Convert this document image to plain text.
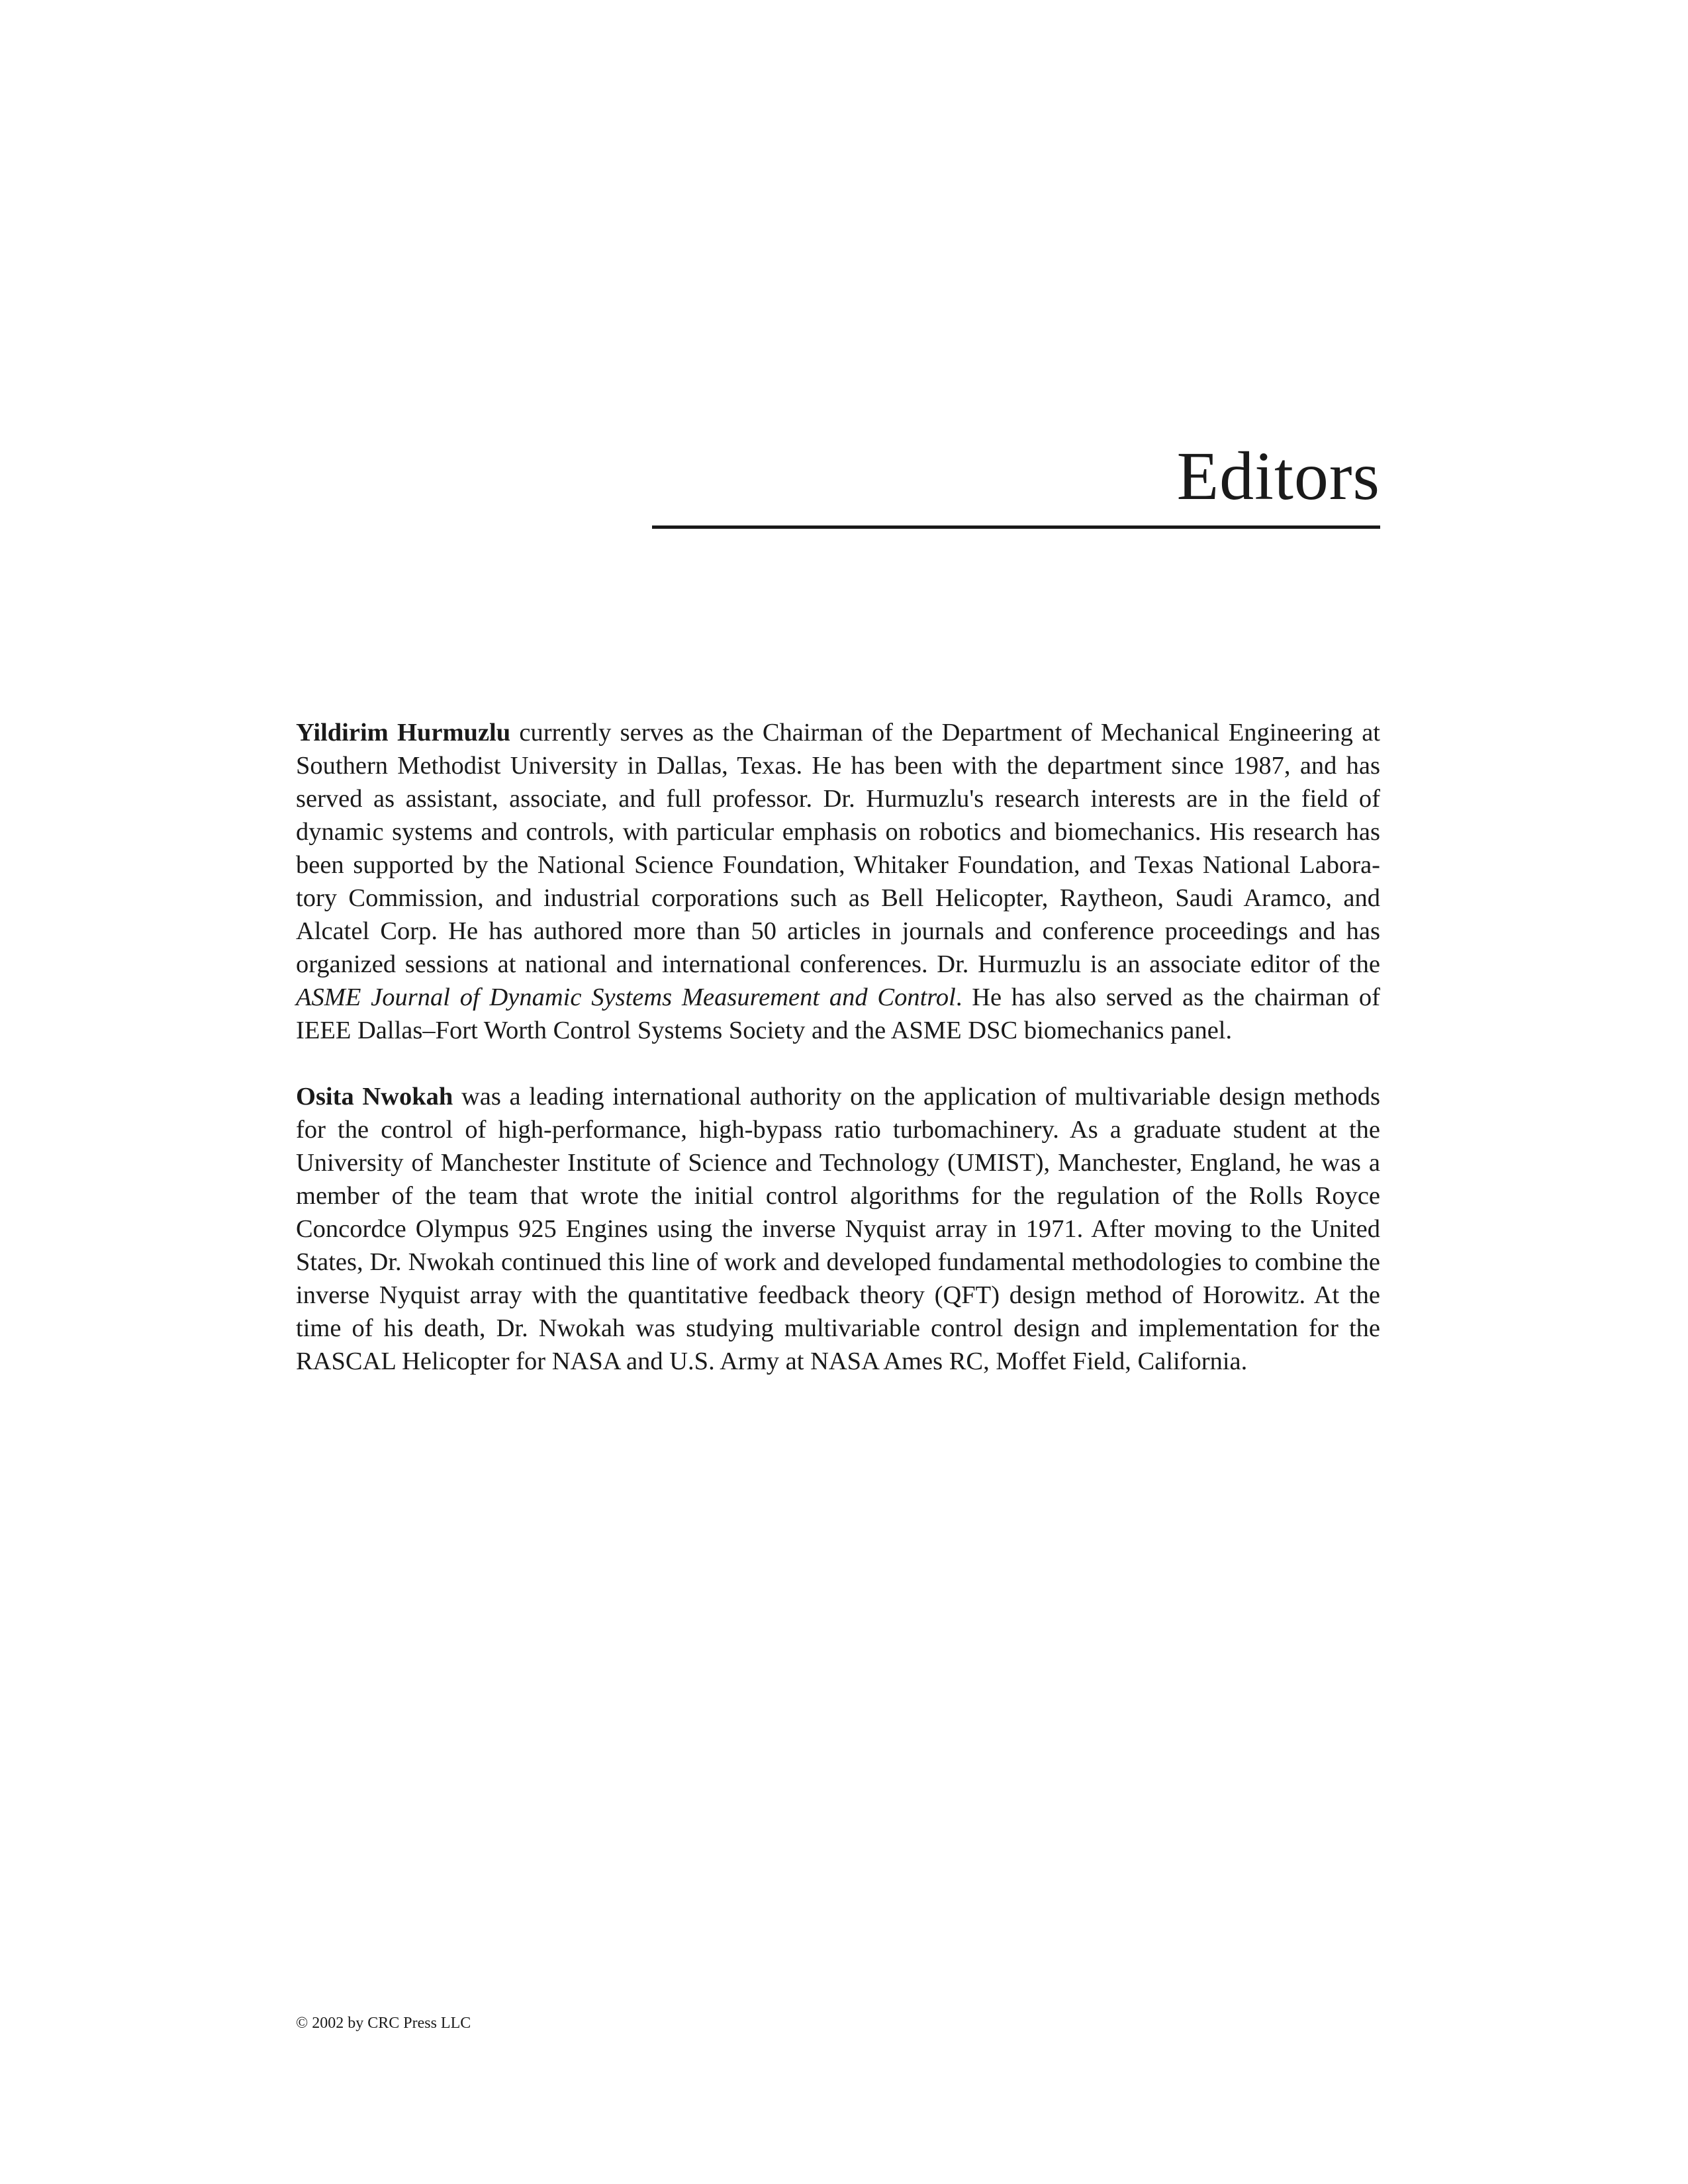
Editors

Yildirim Hurmuzlu currently serves as the Chairman of the Department of Mechanical Engineering at Southern Methodist University in Dallas, Texas. He has been with the department since 1987, and has served as assistant, associate, and full professor. Dr. Hurmuzlu's research interests are in the field of dynamic systems and controls, with particular emphasis on robotics and biomechanics. His research has been supported by the National Science Foundation, Whitaker Foundation, and Texas National Laboratory Commission, and industrial corporations such as Bell Helicopter, Raytheon, Saudi Aramco, and Alcatel Corp. He has authored more than 50 articles in journals and conference proceedings and has organized sessions at national and international conferences. Dr. Hurmuzlu is an associate editor of the ASME Journal of Dynamic Systems Measurement and Control. He has also served as the chairman of IEEE Dallas–Fort Worth Control Systems Society and the ASME DSC biomechanics panel.

Osita Nwokah was a leading international authority on the application of multivariable design methods for the control of high-performance, high-bypass ratio turbomachinery. As a graduate student at the University of Manchester Institute of Science and Technology (UMIST), Manchester, England, he was a member of the team that wrote the initial control algorithms for the regulation of the Rolls Royce Concordce Olympus 925 Engines using the inverse Nyquist array in 1971. After moving to the United States, Dr. Nwokah continued this line of work and developed fundamental methodologies to combine the inverse Nyquist array with the quantitative feedback theory (QFT) design method of Horowitz. At the time of his death, Dr. Nwokah was studying multivariable control design and implementation for the RASCAL Helicopter for NASA and U.S. Army at NASA Ames RC, Moffet Field, California.

© 2002 by CRC Press LLC
